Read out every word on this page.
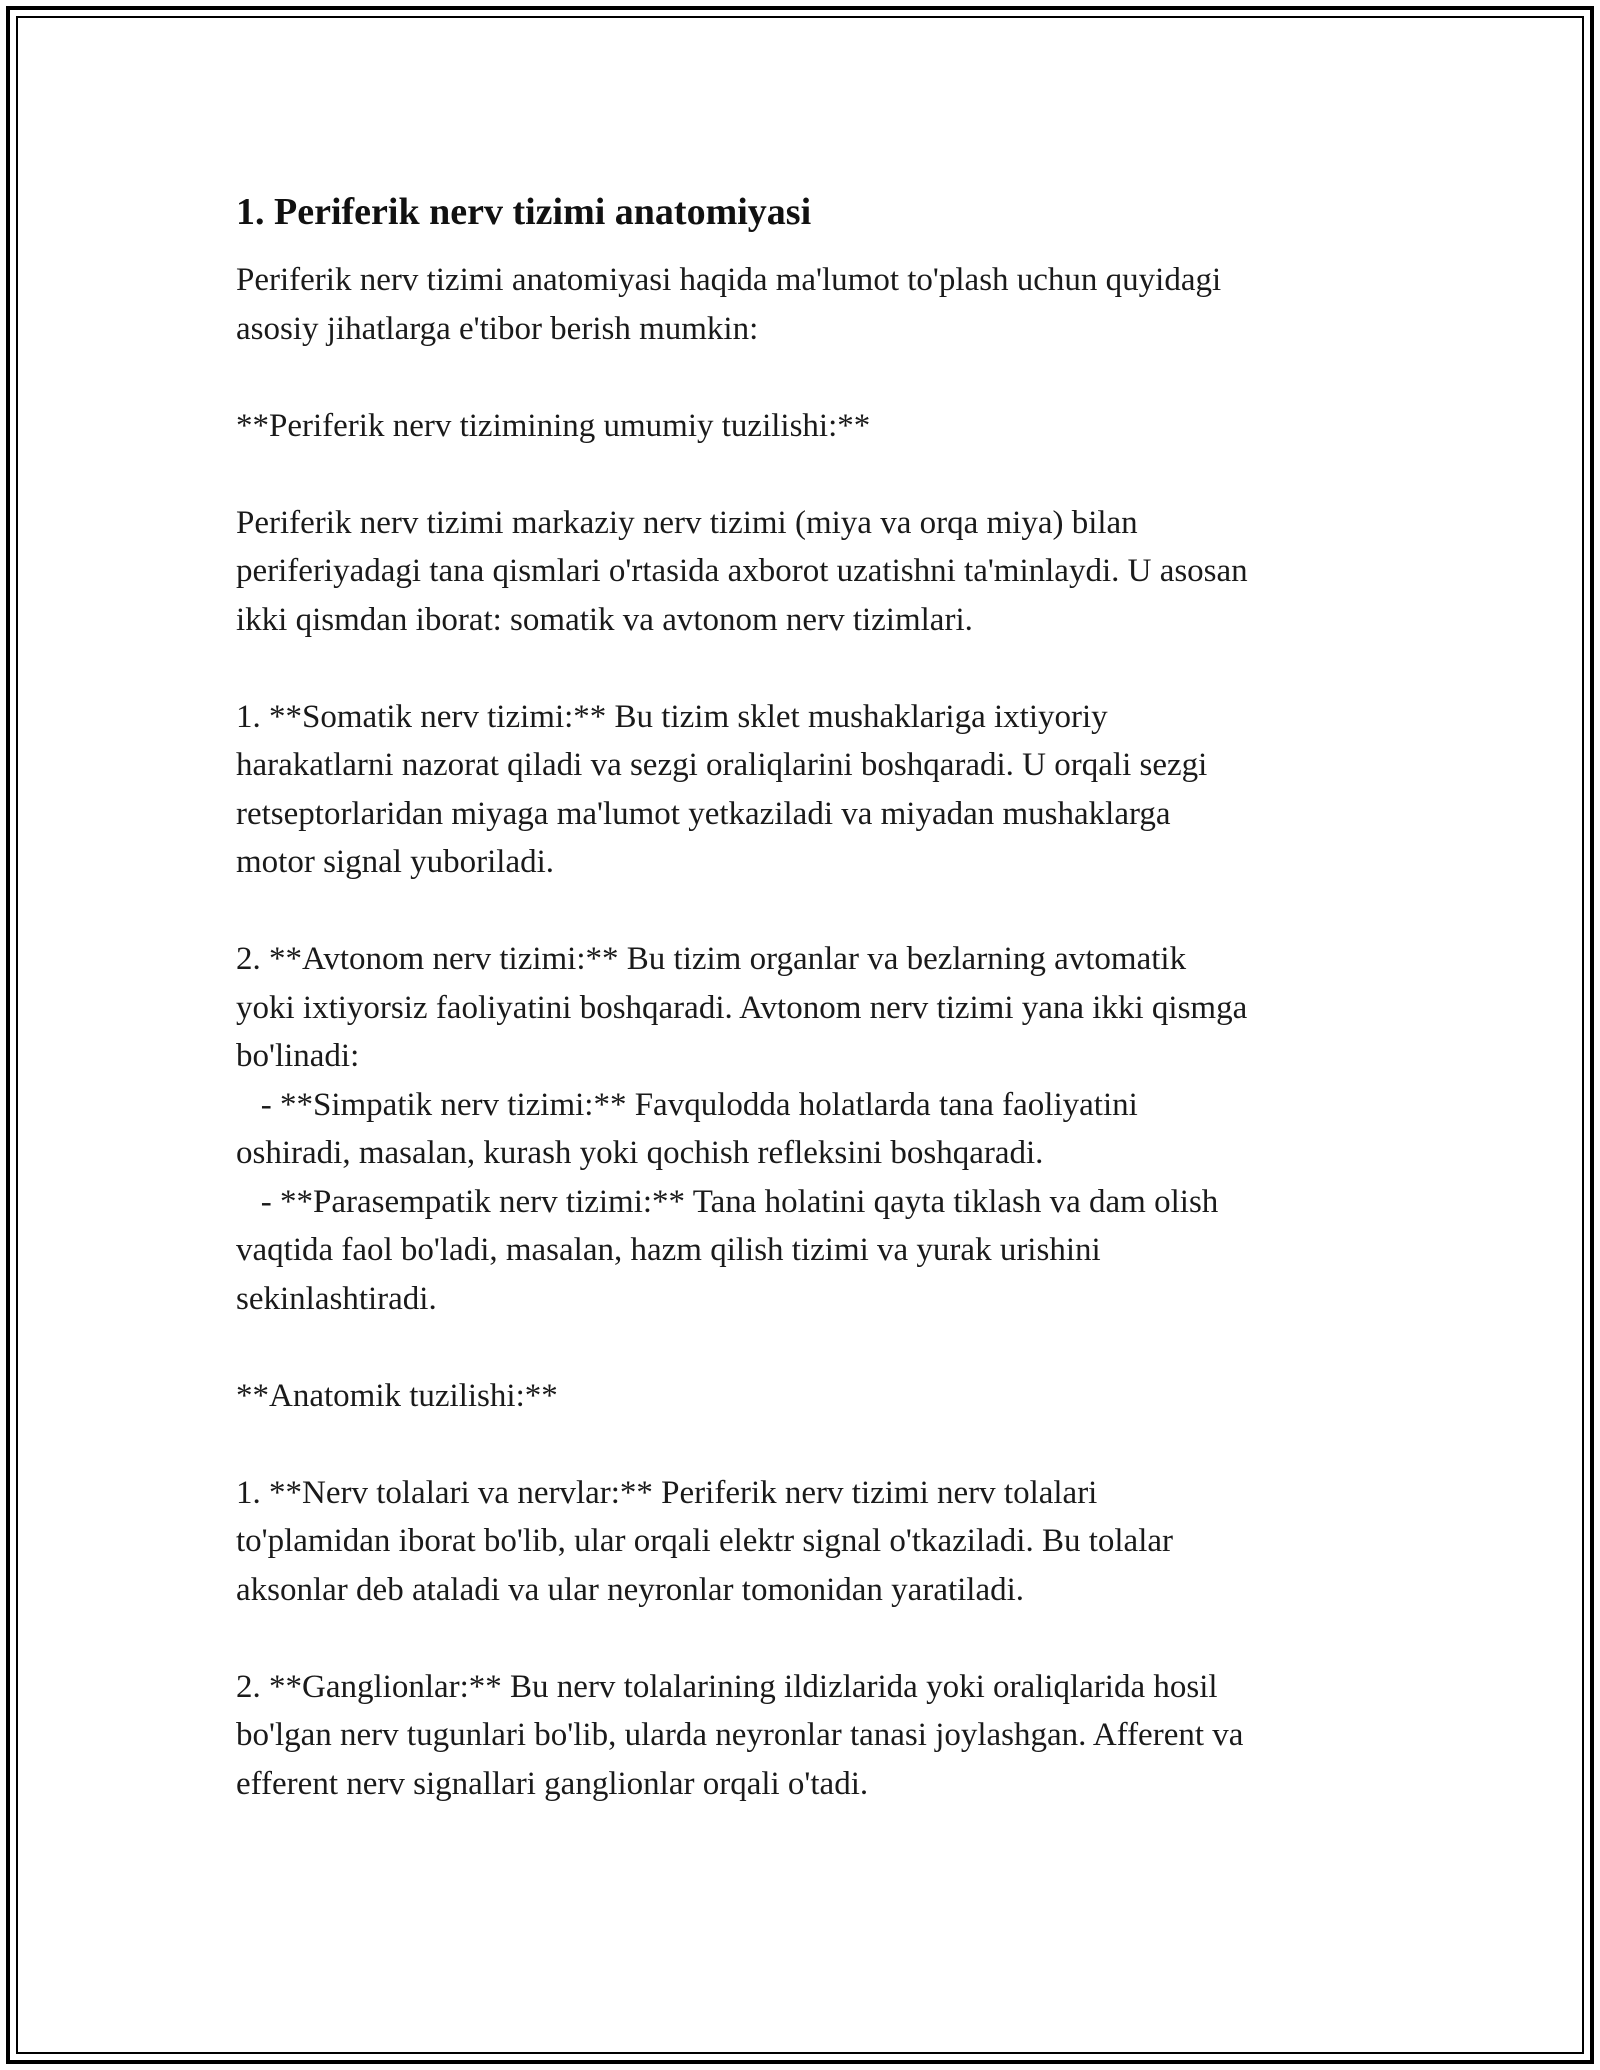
1. Periferik nerv tizimi anatomiyasi

Periferik nerv tizimi anatomiyasi haqida ma'lumot to'plash uchun quyidagi
asosiy jihatlarga e'tibor berish mumkin:

**Periferik nerv tizimining umumiy tuzilishi:**

Periferik nerv tizimi markaziy nerv tizimi (miya va orqa miya) bilan
periferiyadagi tana qismlari o'rtasida axborot uzatishni ta'minlaydi. U asosan
ikki qismdan iborat: somatik va avtonom nerv tizimlari.

1. **Somatik nerv tizimi:** Bu tizim sklet mushaklariga ixtiyoriy
harakatlarni nazorat qiladi va sezgi oraliqlarini boshqaradi. U orqali sezgi
retseptorlaridan miyaga ma'lumot yetkaziladi va miyadan mushaklarga
motor signal yuboriladi.

2. **Avtonom nerv tizimi:** Bu tizim organlar va bezlarning avtomatik
yoki ixtiyorsiz faoliyatini boshqaradi. Avtonom nerv tizimi yana ikki qismga
bo'linadi:
- **Simpatik nerv tizimi:** Favqulodda holatlarda tana faoliyatini
oshiradi, masalan, kurash yoki qochish refleksini boshqaradi.
- **Parasempatik nerv tizimi:** Tana holatini qayta tiklash va dam olish
vaqtida faol bo'ladi, masalan, hazm qilish tizimi va yurak urishini
sekinlashtiradi.

**Anatomik tuzilishi:**

1. **Nerv tolalari va nervlar:** Periferik nerv tizimi nerv tolalari
to'plamidan iborat bo'lib, ular orqali elektr signal o'tkaziladi. Bu tolalar
aksonlar deb ataladi va ular neyronlar tomonidan yaratiladi.

2. **Ganglionlar:** Bu nerv tolalarining ildizlarida yoki oraliqlarida hosil
bo'lgan nerv tugunlari bo'lib, ularda neyronlar tanasi joylashgan. Afferent va
efferent nerv signallari ganglionlar orqali o'tadi.
